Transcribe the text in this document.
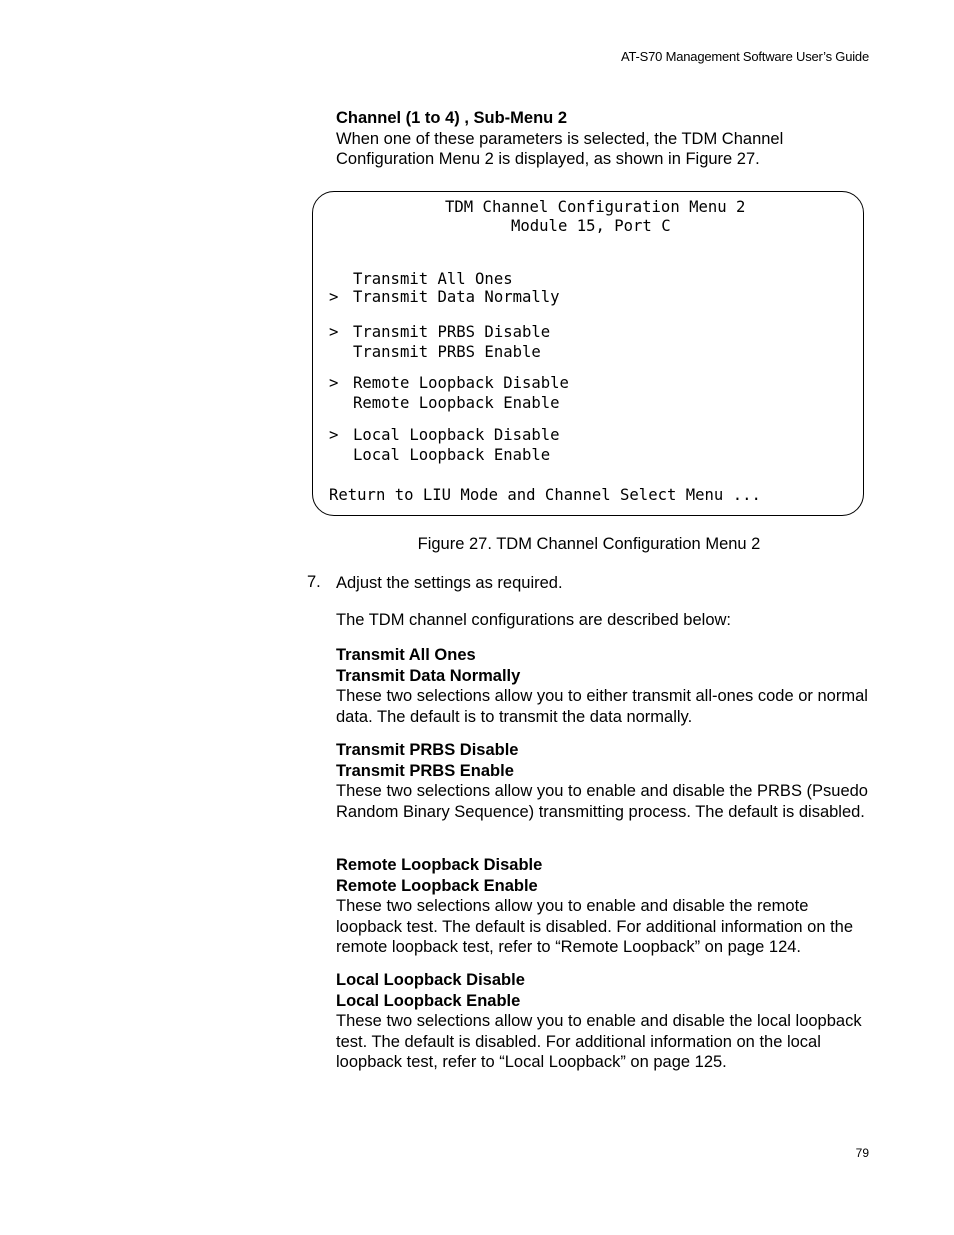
AT-S70 Management Software User’s Guide

Channel (1 to 4) , Sub-Menu 2

When one of these parameters is selected, the TDM Channel Configuration Menu 2 is displayed, as shown in Figure 27.

TDM Channel Configuration Menu 2
Module 15, Port C

Transmit All Ones
> Transmit Data Normally
> Transmit PRBS Disable

Transmit PRBS Enable
> Remote Loopback Disable

Remote Loopback Enable
> Local Loopback Disable

Local Loopback Enable
Return to LIU Mode and Channel Select Menu ...
Figure 27. TDM Channel Configuration Menu 2
7. Adjust the settings as required.

The TDM channel configurations are described below:

Transmit All Ones

Transmit Data Normally

These two selections allow you to either transmit all-ones code or normal data. The default is to transmit the data normally.

Transmit PRBS Disable

Transmit PRBS Enable

These two selections allow you to enable and disable the PRBS (Psuedo Random Binary Sequence) transmitting process. The default is disabled.

Remote Loopback Disable

Remote Loopback Enable

These two selections allow you to enable and disable the remote loopback test. The default is disabled. For additional information on the remote loopback test, refer to “Remote Loopback” on page 124.

Local Loopback Disable

Local Loopback Enable

These two selections allow you to enable and disable the local loopback test. The default is disabled. For additional information on the local loopback test, refer to “Local Loopback” on page 125.

79
